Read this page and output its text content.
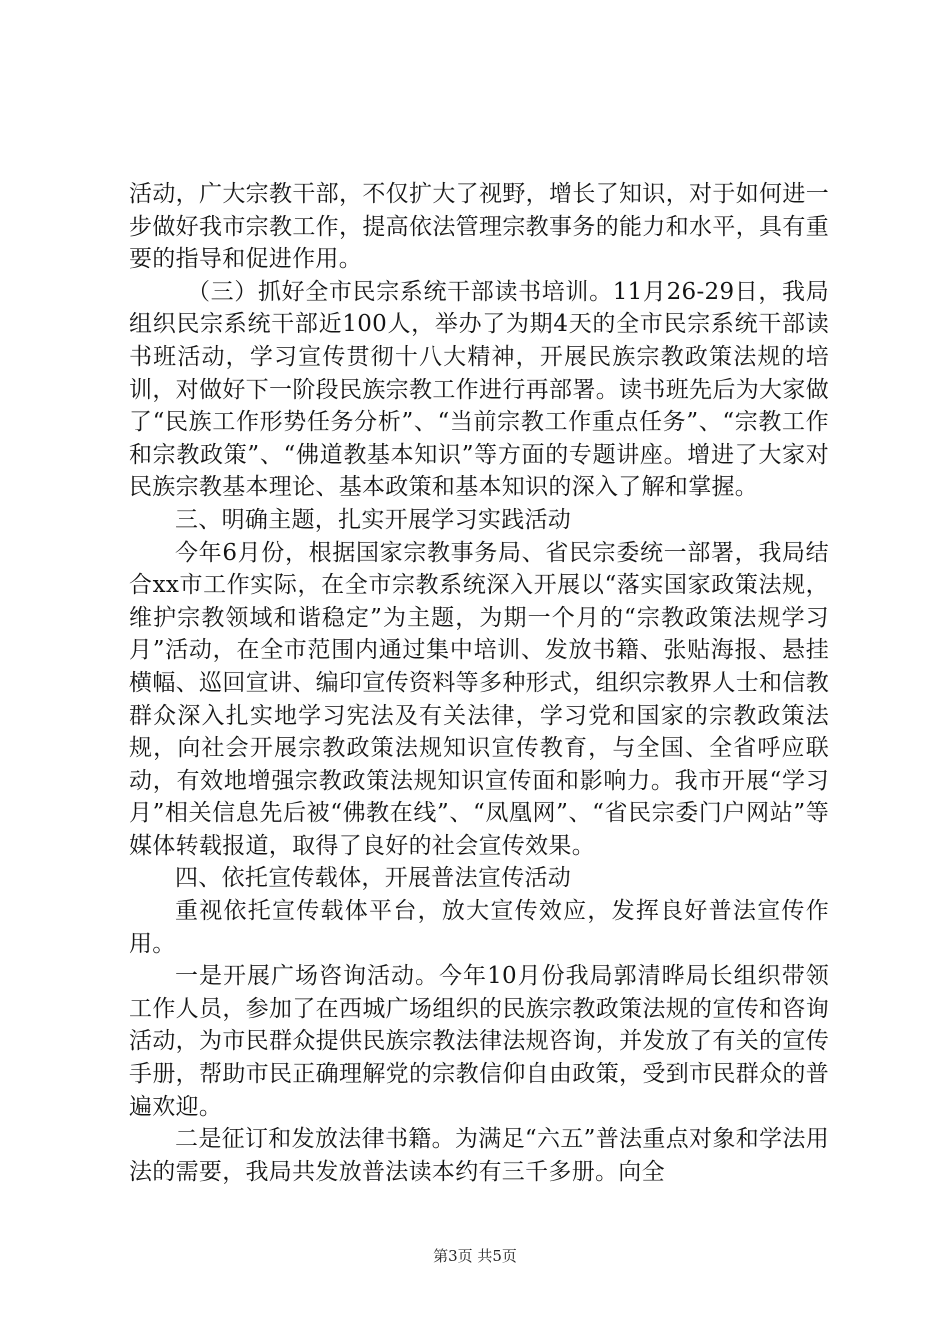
活动，广大宗教干部，不仅扩大了视野，增长了知识，对于如何进一步做好我市宗教工作，提高依法管理宗教事务的能力和水平，具有重要的指导和促进作用。

（三）抓好全市民宗系统干部读书培训。11月26-29日，我局组织民宗系统干部近100人，举办了为期4天的全市民宗系统干部读书班活动，学习宣传贯彻十八大精神，开展民族宗教政策法规的培训，对做好下一阶段民族宗教工作进行再部署。读书班先后为大家做了“民族工作形势任务分析”、“当前宗教工作重点任务”、“宗教工作和宗教政策”、“佛道教基本知识”等方面的专题讲座。增进了大家对民族宗教基本理论、基本政策和基本知识的深入了解和掌握。

三、明确主题，扎实开展学习实践活动

今年6月份，根据国家宗教事务局、省民宗委统一部署，我局结合xx市工作实际，在全市宗教系统深入开展以“落实国家政策法规，维护宗教领域和谐稳定”为主题，为期一个月的“宗教政策法规学习月”活动，在全市范围内通过集中培训、发放书籍、张贴海报、悬挂横幅、巡回宣讲、编印宣传资料等多种形式，组织宗教界人士和信教群众深入扎实地学习宪法及有关法律，学习党和国家的宗教政策法规，向社会开展宗教政策法规知识宣传教育，与全国、全省呼应联动，有效地增强宗教政策法规知识宣传面和影响力。我市开展“学习月”相关信息先后被“佛教在线”、“凤凰网”、“省民宗委门户网站”等媒体转载报道，取得了良好的社会宣传效果。

四、依托宣传载体，开展普法宣传活动

重视依托宣传载体平台，放大宣传效应，发挥良好普法宣传作用。

一是开展广场咨询活动。今年10月份我局郭清晔局长组织带领工作人员，参加了在西城广场组织的民族宗教政策法规的宣传和咨询活动，为市民群众提供民族宗教法律法规咨询，并发放了有关的宣传手册，帮助市民正确理解党的宗教信仰自由政策，受到市民群众的普遍欢迎。

二是征订和发放法律书籍。为满足“六五”普法重点对象和学法用法的需要，我局共发放普法读本约有三千多册。向全

第3页 共5页
